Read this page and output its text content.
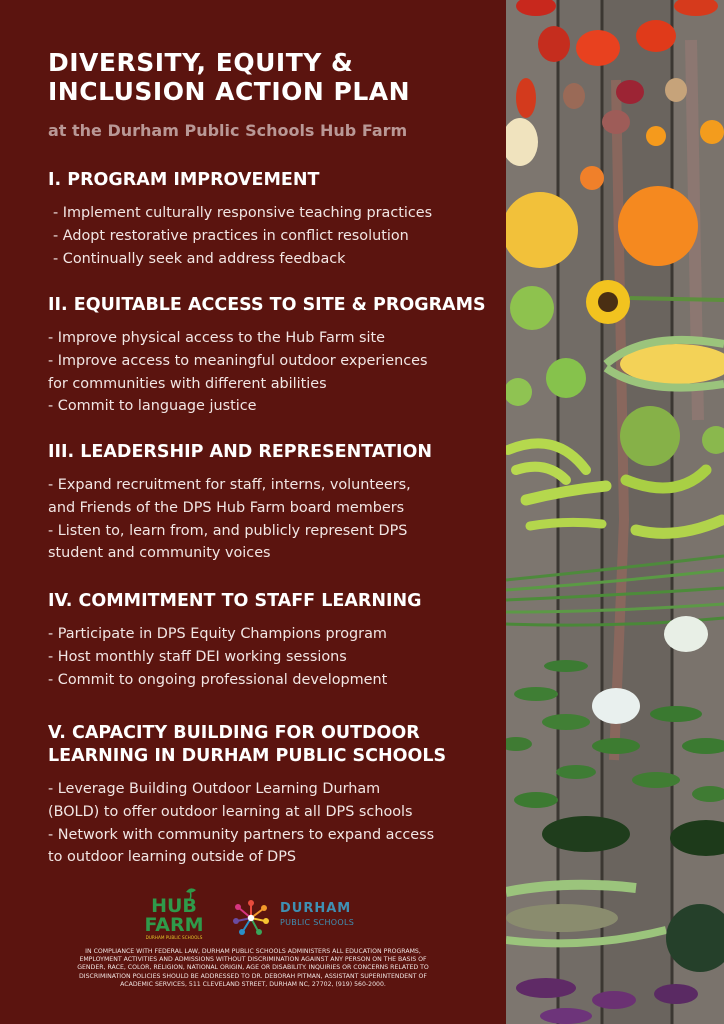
DIVERSITY, EQUITY &
INCLUSION ACTION PLAN
at the Durham Public Schools Hub Farm
I. PROGRAM IMPROVEMENT
- Implement culturally responsive teaching practices
- Adopt restorative practices in conflict resolution
- Continually seek and address feedback
II. EQUITABLE ACCESS TO SITE & PROGRAMS
- Improve physical access to the Hub Farm site
- Improve access to meaningful outdoor experiences
for communities with different abilities
- Commit to language justice
III. LEADERSHIP AND REPRESENTATION
- Expand recruitment for staff, interns, volunteers,
and Friends of the DPS Hub Farm board members
- Listen to, learn from, and publicly represent DPS
student and community voices
IV. COMMITMENT TO STAFF LEARNING
- Participate in DPS Equity Champions program
- Host monthly staff DEI working sessions
- Commit to ongoing professional development
V. CAPACITY BUILDING FOR OUTDOOR
LEARNING IN DURHAM PUBLIC SCHOOLS
- Leverage Building Outdoor Learning Durham
(BOLD) to offer outdoor learning at all DPS schools
- Network with community partners to expand access
to outdoor learning outside of DPS
HUB
FARM
DURHAM PUBLIC SCHOOLS
DURHAM
PUBLIC SCHOOLS
IN COMPLIANCE WITH FEDERAL LAW, DURHAM PUBLIC SCHOOLS ADMINISTERS ALL EDUCATION PROGRAMS,
EMPLOYMENT ACTIVITIES AND ADMISSIONS WITHOUT DISCRIMINATION AGAINST ANY PERSON ON THE BASIS OF
GENDER, RACE, COLOR, RELIGION, NATIONAL ORIGIN, AGE OR DISABILITY. INQUIRIES OR CONCERNS RELATED TO
DISCRIMINATION POLICIES SHOULD BE ADDRESSED TO DR. DEBORAH PITMAN, ASSISTANT SUPERINTENDENT OF
ACADEMIC SERVICES, 511 CLEVELAND STREET, DURHAM NC, 27702, (919) 560-2000.
